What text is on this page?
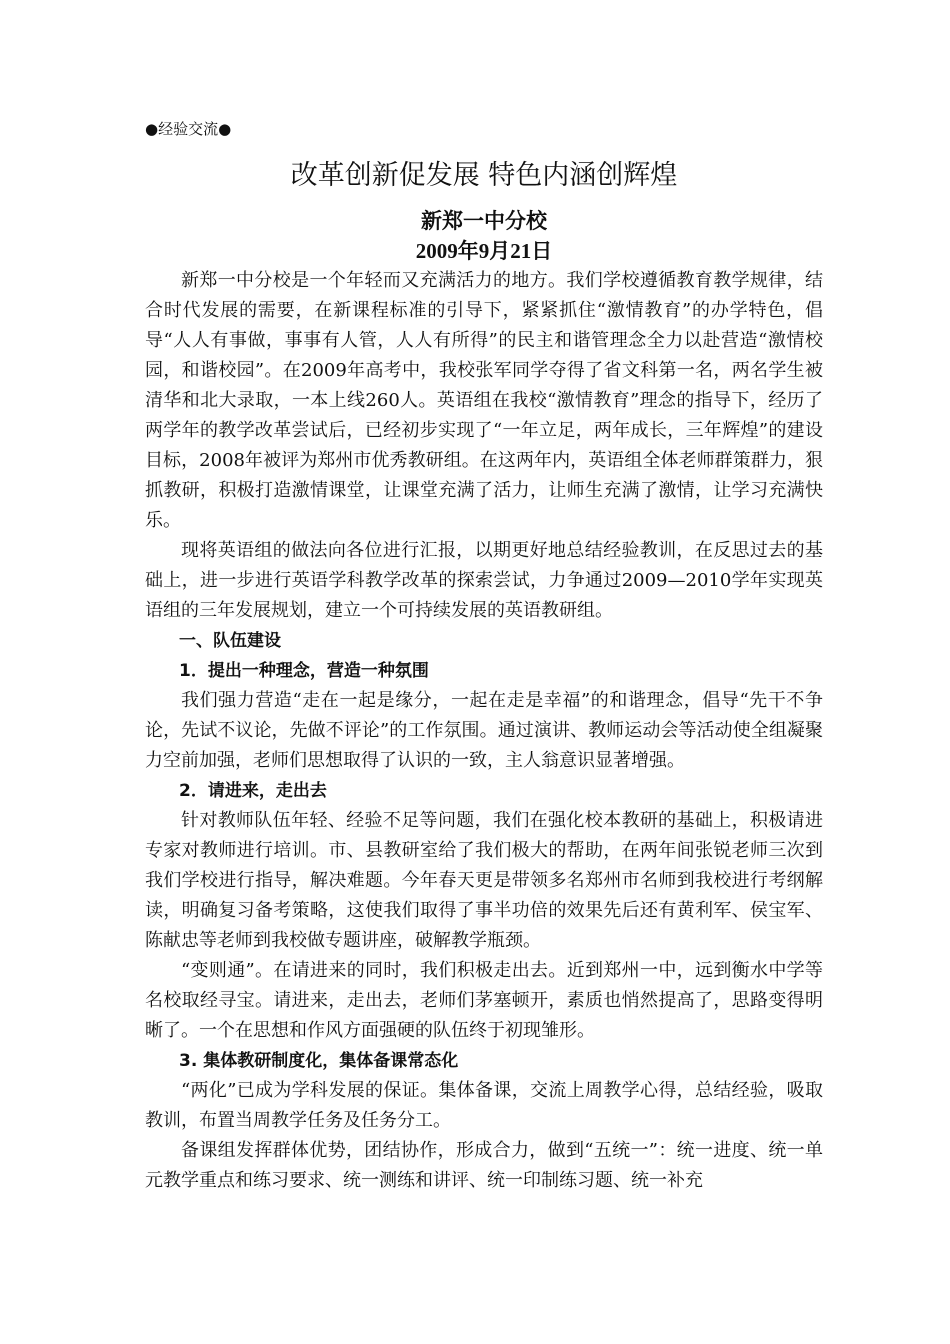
●经验交流●
改革创新促发展 特色内涵创辉煌
新郑一中分校
2009年9月21日

新郑一中分校是一个年轻而又充满活力的地方。我们学校遵循教育教学规律，结合时代发展的需要，在新课程标准的引导下，紧紧抓住“激情教育”的办学特色，倡导“人人有事做，事事有人管，人人有所得”的民主和谐管理念全力以赴营造“激情校园，和谐校园”。在2009年高考中，我校张军同学夺得了省文科第一名，两名学生被清华和北大录取，一本上线260人。英语组在我校“激情教育”理念的指导下，经历了两学年的教学改革尝试后，已经初步实现了“一年立足，两年成长，三年辉煌”的建设目标，2008年被评为郑州市优秀教研组。在这两年内，英语组全体老师群策群力，狠抓教研，积极打造激情课堂，让课堂充满了活力，让师生充满了激情，让学习充满快乐。

现将英语组的做法向各位进行汇报，以期更好地总结经验教训，在反思过去的基础上，进一步进行英语学科教学改革的探索尝试，力争通过2009—2010学年实现英语组的三年发展规划，建立一个可持续发展的英语教研组。

一、队伍建设
1．提出一种理念，营造一种氛围

我们强力营造“走在一起是缘分，一起在走是幸福”的和谐理念，倡导“先干不争论，先试不议论，先做不评论”的工作氛围。通过演讲、教师运动会等活动使全组凝聚力空前加强，老师们思想取得了认识的一致，主人翁意识显著增强。

2．请进来，走出去

针对教师队伍年轻、经验不足等问题，我们在强化校本教研的基础上，积极请进专家对教师进行培训。市、县教研室给了我们极大的帮助，在两年间张锐老师三次到我们学校进行指导，解决难题。今年春天更是带领多名郑州市名师到我校进行考纲解读，明确复习备考策略，这使我们取得了事半功倍的效果先后还有黄利军、侯宝军、陈献忠等老师到我校做专题讲座，破解教学瓶颈。

“变则通”。在请进来的同时，我们积极走出去。近到郑州一中，远到衡水中学等名校取经寻宝。请进来，走出去，老师们茅塞顿开，素质也悄然提高了，思路变得明晰了。一个在思想和作风方面强硬的队伍终于初现雏形。

3. 集体教研制度化，集体备课常态化

“两化”已成为学科发展的保证。集体备课，交流上周教学心得，总结经验，吸取教训，布置当周教学任务及任务分工。

备课组发挥群体优势，团结协作，形成合力，做到“五统一”：统一进度、统一单元教学重点和练习要求、统一测练和讲评、统一印制练习题、统一补充
